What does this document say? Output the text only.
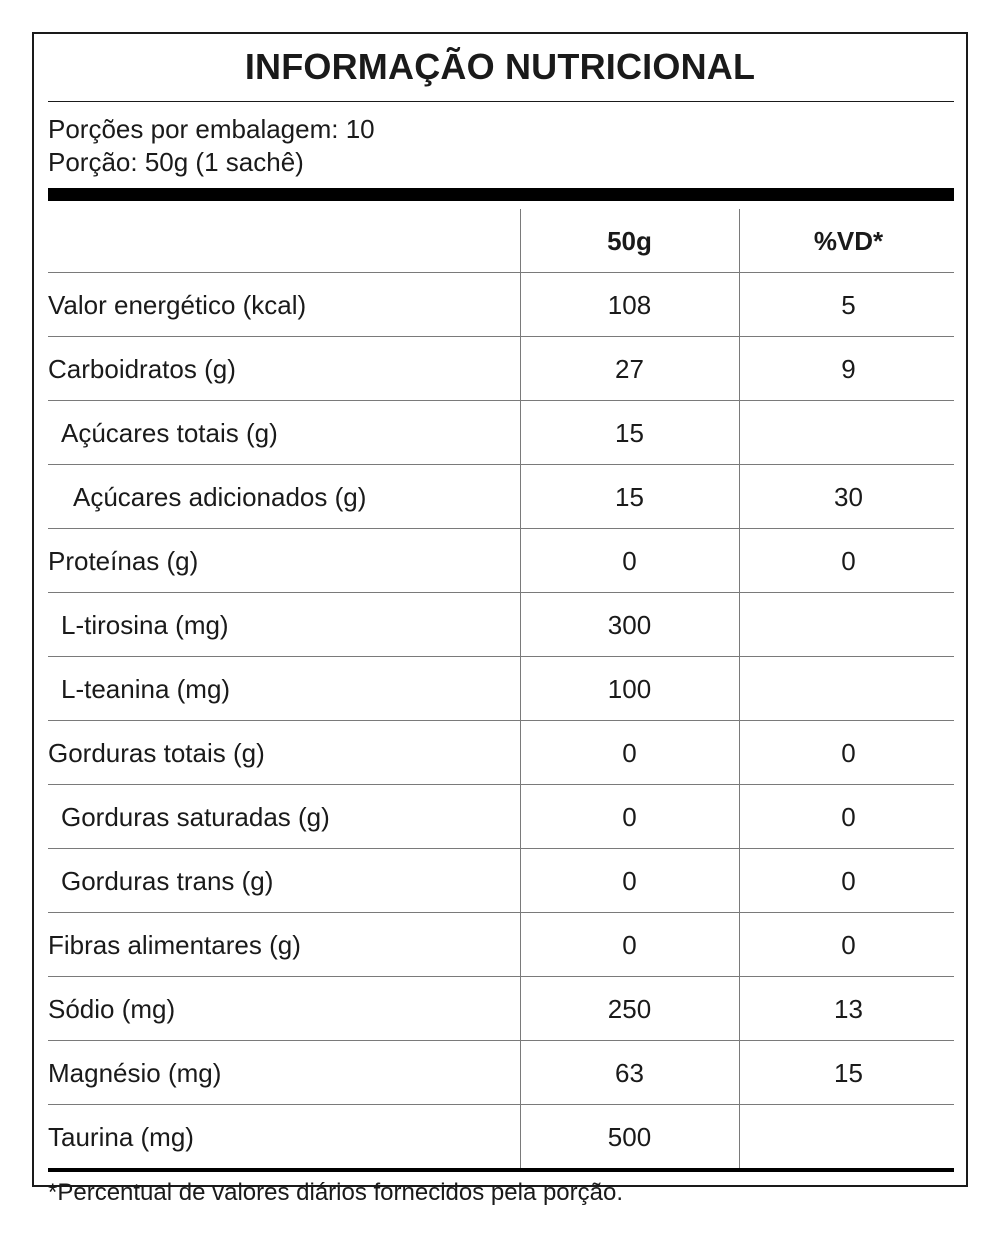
INFORMAÇÃO NUTRICIONAL
Porções por embalagem: 10
Porção: 50g (1 sachê)
50g	%VD*
Valor energético (kcal)	108	5
Carboidratos (g)	27	9
Açúcares totais (g)	15
Açúcares adicionados (g)	15	30
Proteínas (g)	0	0
L-tirosina (mg)	300
L-teanina (mg)	100
Gorduras totais (g)	0	0
Gorduras saturadas (g)	0	0
Gorduras trans (g)	0	0
Fibras alimentares (g)	0	0
Sódio (mg)	250	13
Magnésio (mg)	63	15
Taurina (mg)	500
*Percentual de valores diários fornecidos pela porção.
